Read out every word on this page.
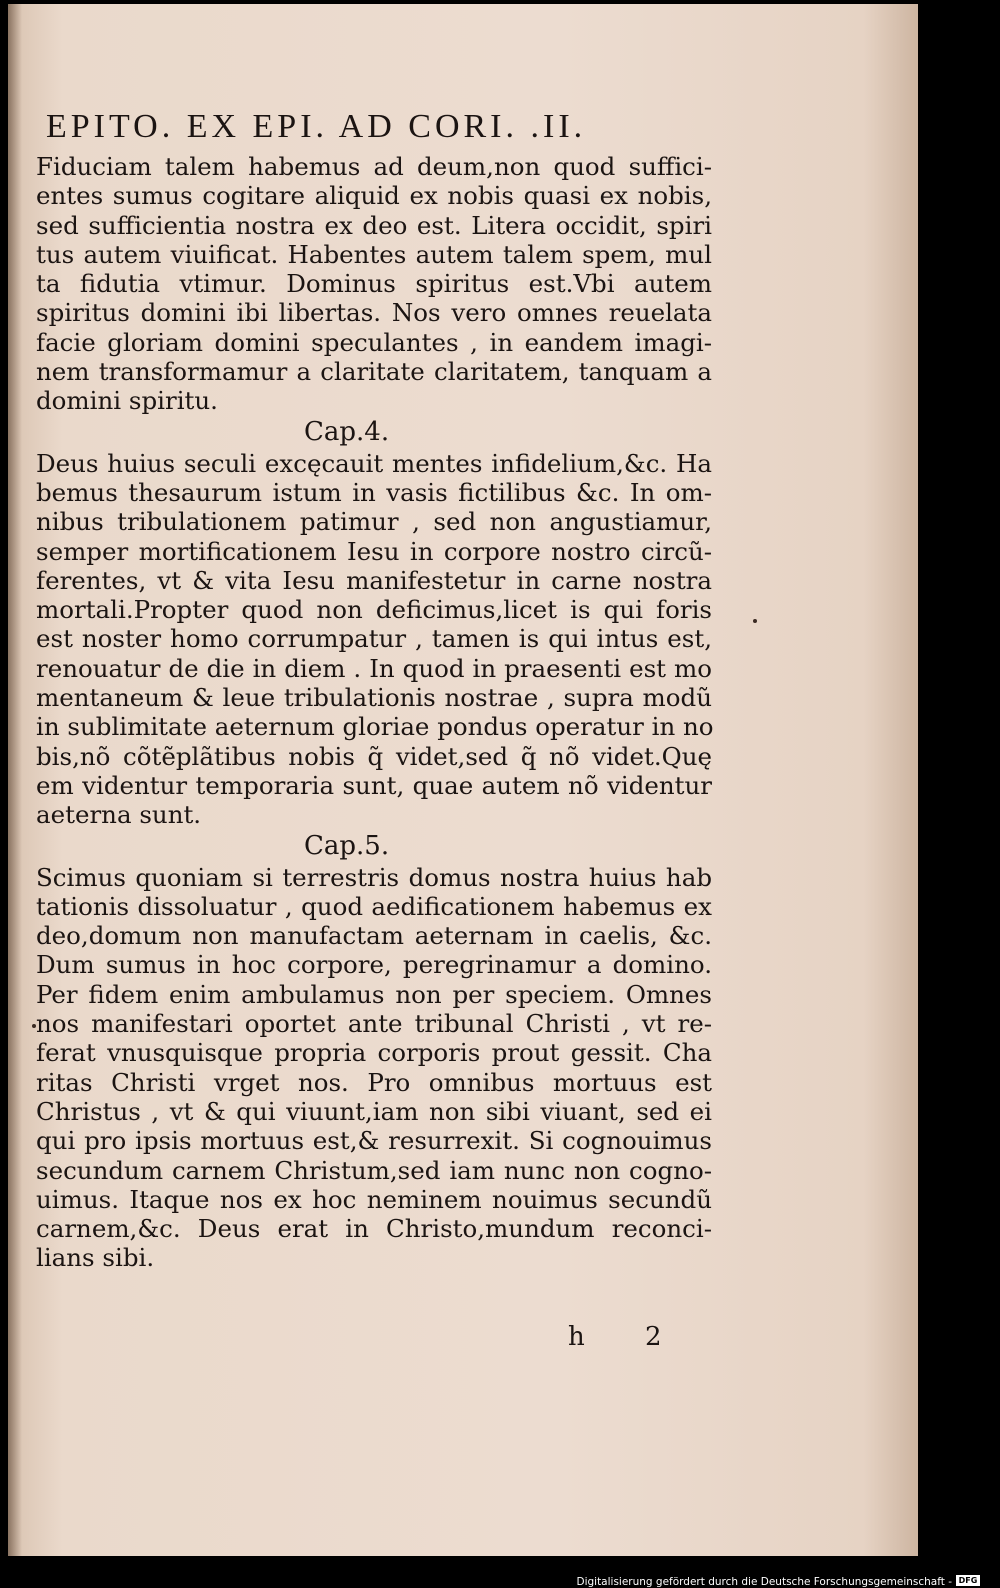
EPITO. EX EPI. AD CORI. .II.
Fiduciam talem habemus ad deum,non quod suffici-
entes sumus cogitare aliquid ex nobis quasi ex nobis,
sed sufficientia nostra ex deo est. Litera occidit, spiri
tus autem viuificat. Habentes autem talem spem, mul
ta fidutia vtimur. Dominus spiritus est.Vbi autem
spiritus domini ibi libertas. Nos vero omnes reuelata
facie gloriam domini speculantes , in eandem imagi-
nem transformamur a claritate claritatem, tanquam a
domini spiritu.
Cap.4.
Deus huius seculi excęcauit mentes infidelium,&c. Ha
bemus thesaurum istum in vasis fictilibus &c. In om-
nibus tribulationem patimur , sed non angustiamur,
semper mortificationem Iesu in corpore nostro circũ-
ferentes, vt & vita Iesu manifestetur in carne nostra
mortali.Propter quod non deficimus,licet is qui foris
est noster homo corrumpatur , tamen is qui intus est,
renouatur de die in diem . In quod in praesenti est mo
mentaneum & leue tribulationis nostrae , supra modũ
in sublimitate aeternum gloriae pondus operatur in no
bis,nõ cõtẽplãtibus nobis q̃ videt,sed q̃ nõ videt.Quę
em videntur temporaria sunt, quae autem nõ videntur
aeterna sunt.
Cap.5.
Scimus quoniam si terrestris domus nostra huius hab
tationis dissoluatur , quod aedificationem habemus ex
deo,domum non manufactam aeternam in caelis, &c.
Dum sumus in hoc corpore, peregrinamur a domino.
Per fidem enim ambulamus non per speciem. Omnes
nos manifestari oportet ante tribunal Christi , vt re-
ferat vnusquisque propria corporis prout gessit. Cha
ritas Christi vrget nos. Pro omnibus mortuus est
Christus , vt & qui viuunt,iam non sibi viuant, sed ei
qui pro ipsis mortuus est,& resurrexit. Si cognouimus
secundum carnem Christum,sed iam nunc non cogno-
uimus. Itaque nos ex hoc neminem nouimus secundũ
carnem,&c. Deus erat in Christo,mundum reconci-
lians sibi.
h 2
Digitalisierung gefördert durch die Deutsche Forschungsgemeinschaft - DFG
